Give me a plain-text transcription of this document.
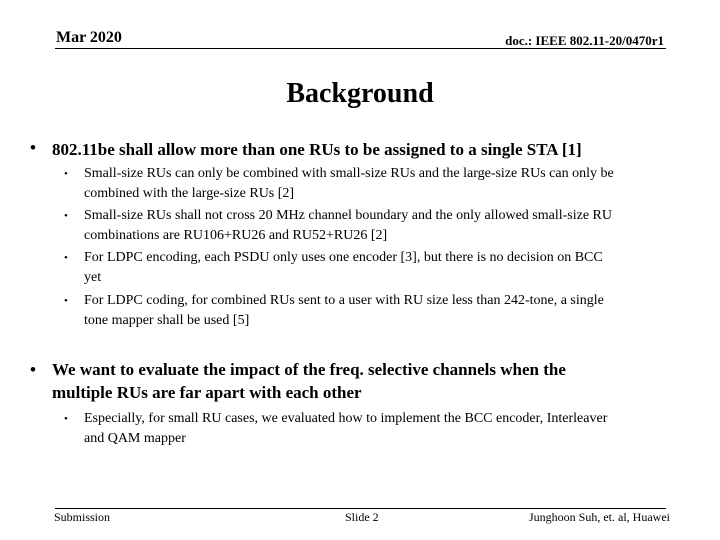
Mar 2020	doc.: IEEE 802.11-20/0470r1
Background
• 802.11be shall allow more than one RUs to be assigned to a single STA [1]
• Small-size RUs can only be combined with small-size RUs and the large-size RUs can only be
combined with the large-size RUs [2]
• Small-size RUs shall not cross 20 MHz channel boundary and the only allowed small-size RU
combinations are RU106+RU26 and RU52+RU26 [2]
• For LDPC encoding, each PSDU only uses one encoder [3], but there is no decision on BCC
yet
• For LDPC coding, for combined RUs sent to a user with RU size less than 242-tone, a single
tone mapper shall be used [5]
• We want to evaluate the impact of the freq. selective channels when the
multiple RUs are far apart with each other
• Especially, for small RU cases, we evaluated how to implement the BCC encoder, Interleaver
and QAM mapper
Submission	Slide 2	Junghoon Suh, et. al, Huawei
